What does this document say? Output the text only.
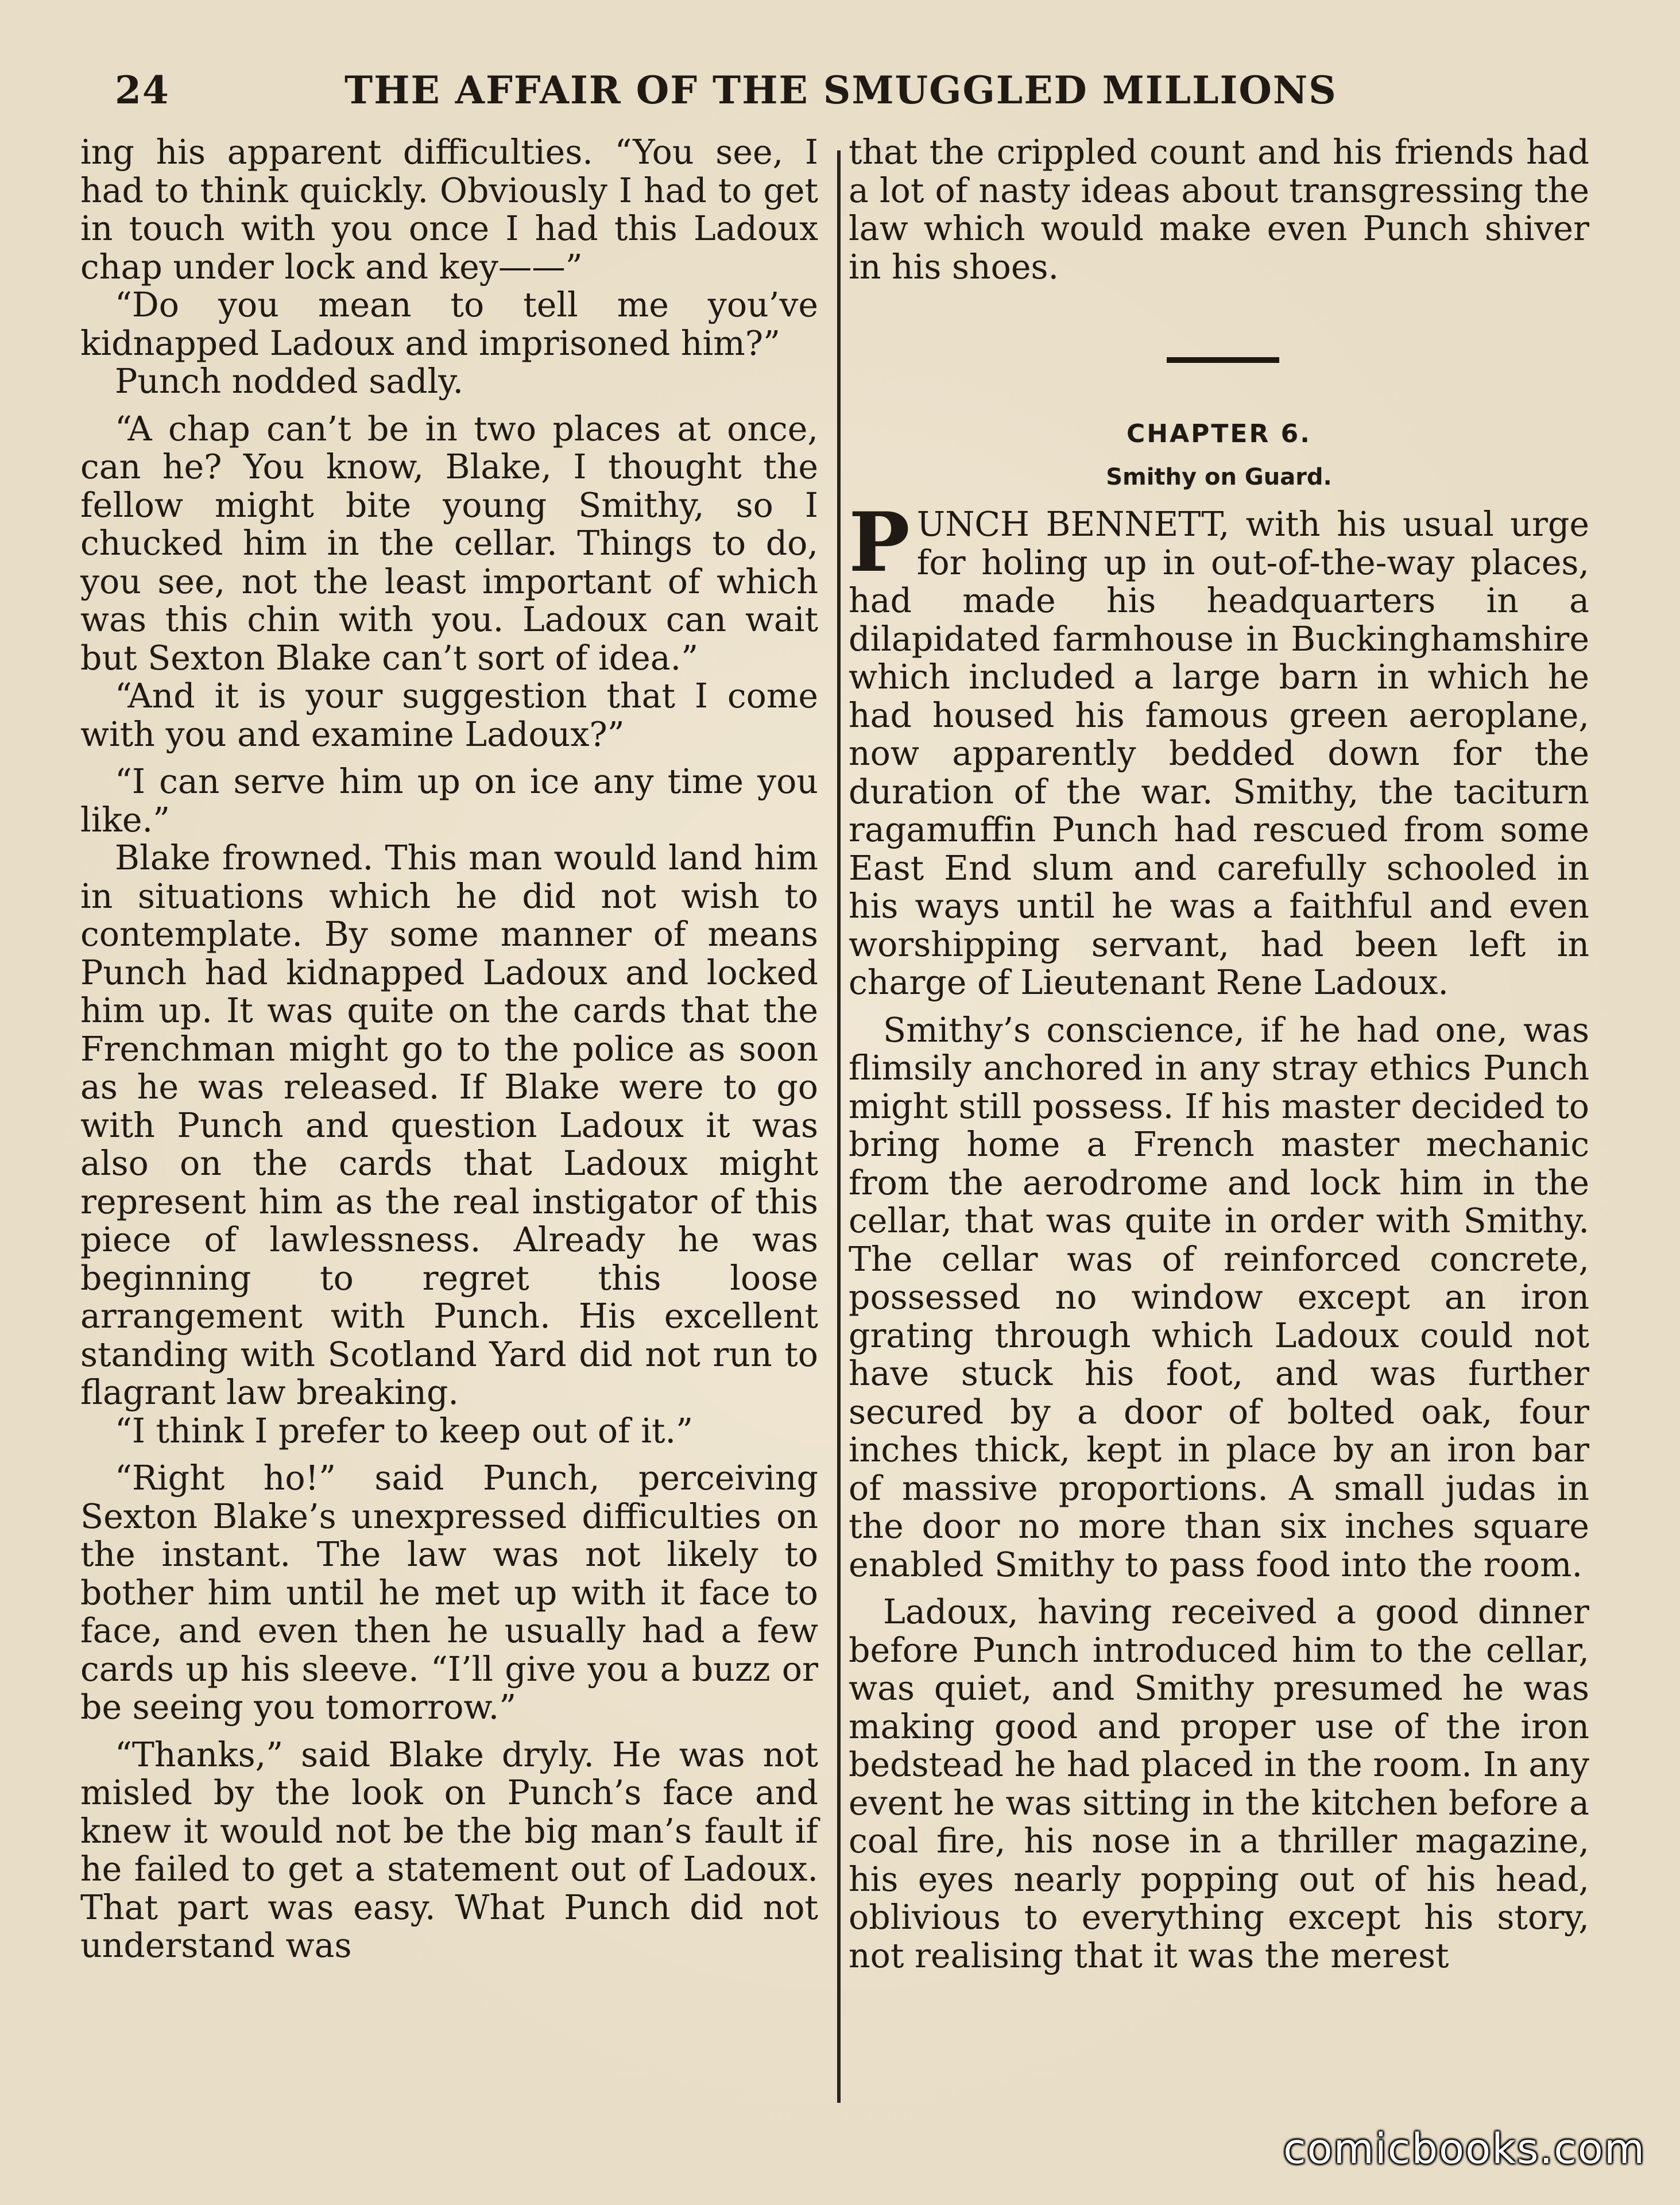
24	THE AFFAIR OF THE SMUGGLED MILLIONS

ing his apparent difficulties. “You see, I had to think quickly. Obviously I had to get in touch with you once I had this Ladoux chap under lock and key——”

“Do you mean to tell me you’ve kidnapped Ladoux and imprisoned him?”

Punch nodded sadly.

“A chap can’t be in two places at once, can he? You know, Blake, I thought the fellow might bite young Smithy, so I chucked him in the cellar. Things to do, you see, not the least important of which was this chin with you. Ladoux can wait but Sexton Blake can’t sort of idea.”

“And it is your suggestion that I come with you and examine Ladoux?”

“I can serve him up on ice any time you like.”

Blake frowned. This man would land him in situations which he did not wish to contemplate. By some manner of means Punch had kidnapped Ladoux and locked him up. It was quite on the cards that the Frenchman might go to the police as soon as he was released. If Blake were to go with Punch and question Ladoux it was also on the cards that Ladoux might represent him as the real instigator of this piece of lawlessness. Already he was beginning to regret this loose arrangement with Punch. His excellent standing with Scotland Yard did not run to flagrant law breaking.

“I think I prefer to keep out of it.”

“Right ho!” said Punch, perceiving Sexton Blake’s unexpressed difficulties on the instant. The law was not likely to bother him until he met up with it face to face, and even then he usually had a few cards up his sleeve. “I’ll give you a buzz or be seeing you tomorrow.”

“Thanks,” said Blake dryly. He was not misled by the look on Punch’s face and knew it would not be the big man’s fault if he failed to get a statement out of Ladoux. That part was easy. What Punch did not understand was

that the crippled count and his friends had a lot of nasty ideas about transgressing the law which would make even Punch shiver in his shoes.

CHAPTER 6.
Smithy on Guard.

PUNCH BENNETT, with his usual urge for holing up in out-of-the-way places, had made his headquarters in a dilapidated farmhouse in Buckinghamshire which included a large barn in which he had housed his famous green aeroplane, now apparently bedded down for the duration of the war. Smithy, the taciturn ragamuffin Punch had rescued from some East End slum and carefully schooled in his ways until he was a faithful and even worshipping servant, had been left in charge of Lieutenant Rene Ladoux.

Smithy’s conscience, if he had one, was flimsily anchored in any stray ethics Punch might still possess. If his master decided to bring home a French master mechanic from the aerodrome and lock him in the cellar, that was quite in order with Smithy. The cellar was of reinforced concrete, possessed no window except an iron grating through which Ladoux could not have stuck his foot, and was further secured by a door of bolted oak, four inches thick, kept in place by an iron bar of massive proportions. A small judas in the door no more than six inches square enabled Smithy to pass food into the room.

Ladoux, having received a good dinner before Punch introduced him to the cellar, was quiet, and Smithy presumed he was making good and proper use of the iron bedstead he had placed in the room. In any event he was sitting in the kitchen before a coal fire, his nose in a thriller magazine, his eyes nearly popping out of his head, oblivious to everything except his story, not realising that it was the merest

comicbooks.com
